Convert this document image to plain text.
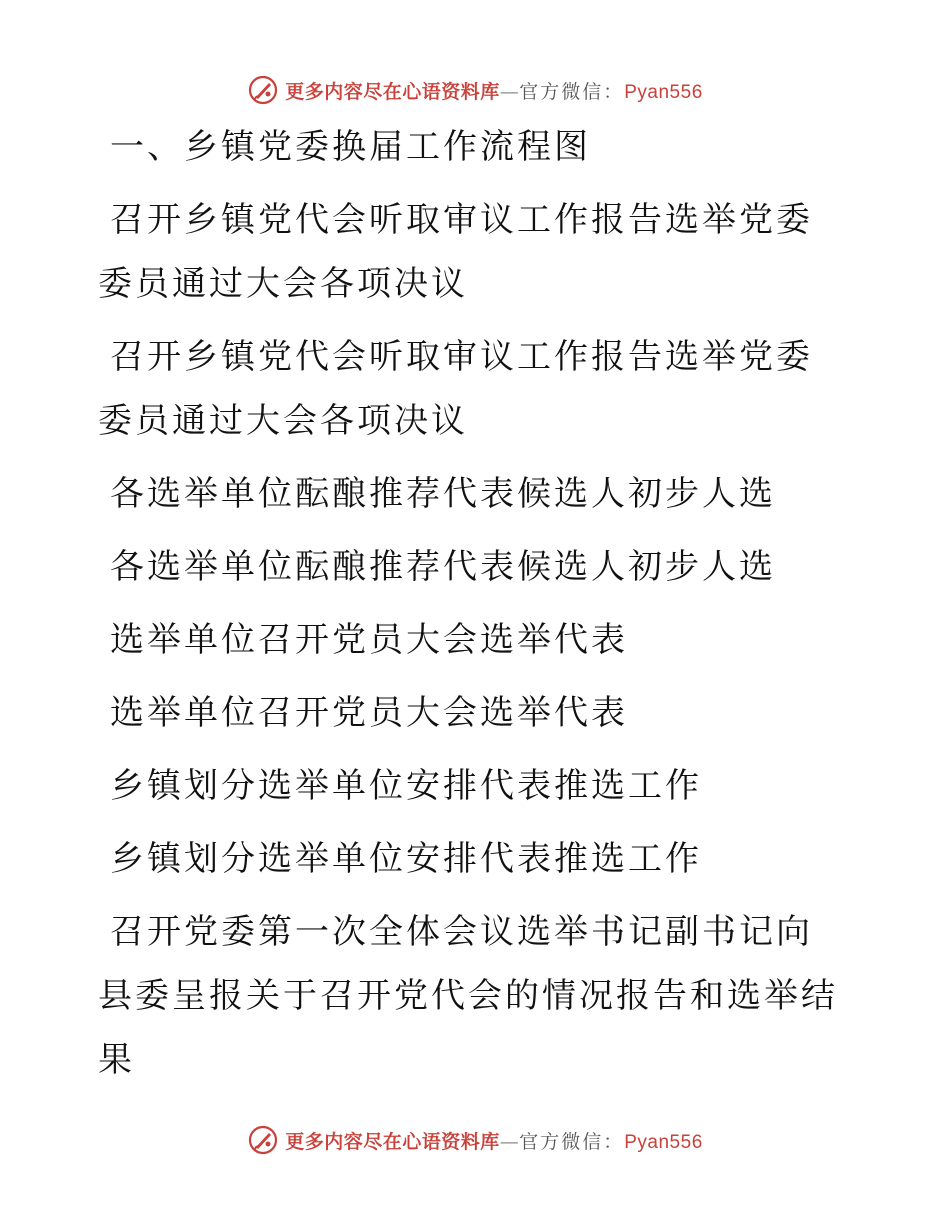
更多内容尽在心语资料库—官方微信：Pyan556
一、乡镇党委换届工作流程图
召开乡镇党代会听取审议工作报告选举党委委员通过大会各项决议
召开乡镇党代会听取审议工作报告选举党委委员通过大会各项决议
各选举单位酝酿推荐代表候选人初步人选
各选举单位酝酿推荐代表候选人初步人选
选举单位召开党员大会选举代表
选举单位召开党员大会选举代表
乡镇划分选举单位安排代表推选工作
乡镇划分选举单位安排代表推选工作
召开党委第一次全体会议选举书记副书记向县委呈报关于召开党代会的情况报告和选举结果
更多内容尽在心语资料库—官方微信：Pyan556
